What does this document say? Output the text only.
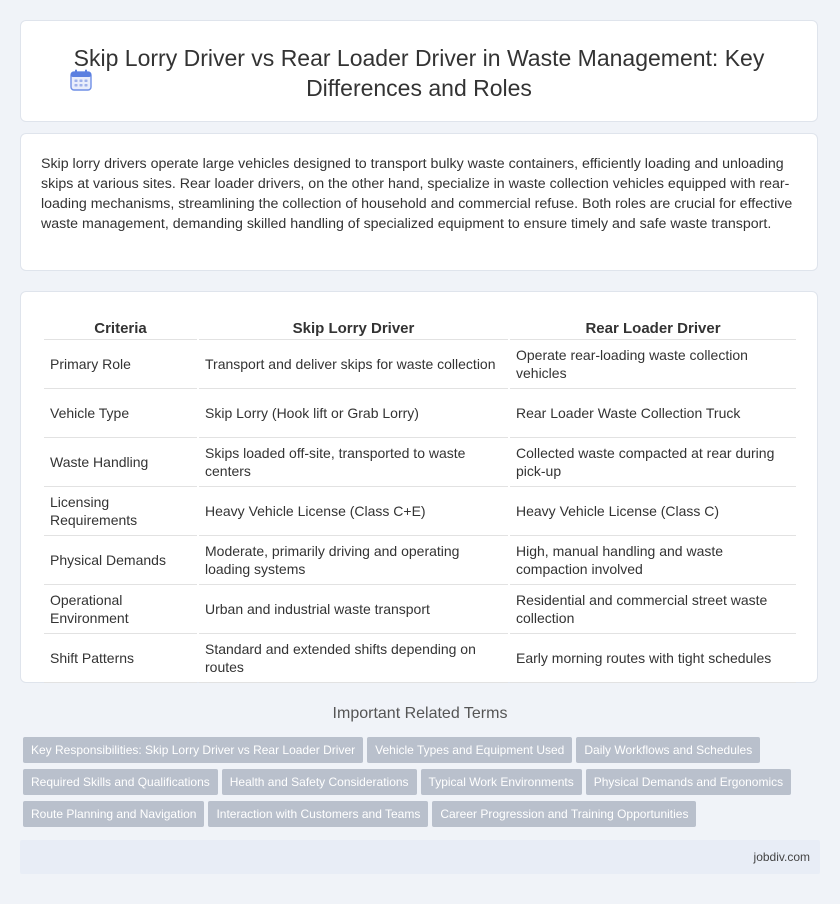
Skip Lorry Driver vs Rear Loader Driver in Waste Management: Key Differences and Roles

Skip lorry drivers operate large vehicles designed to transport bulky waste containers, efficiently loading and unloading skips at various sites. Rear loader drivers, on the other hand, specialize in waste collection vehicles equipped with rear-loading mechanisms, streamlining the collection of household and commercial refuse. Both roles are crucial for effective waste management, demanding skilled handling of specialized equipment to ensure timely and safe waste transport.

Criteria	Skip Lorry Driver	Rear Loader Driver
Primary Role	Transport and deliver skips for waste collection	Operate rear-loading waste collection vehicles
Vehicle Type	Skip Lorry (Hook lift or Grab Lorry)	Rear Loader Waste Collection Truck
Waste Handling	Skips loaded off-site, transported to waste centers	Collected waste compacted at rear during pick-up
Licensing Requirements	Heavy Vehicle License (Class C+E)	Heavy Vehicle License (Class C)
Physical Demands	Moderate, primarily driving and operating loading systems	High, manual handling and waste compaction involved
Operational Environment	Urban and industrial waste transport	Residential and commercial street waste collection
Shift Patterns	Standard and extended shifts depending on routes	Early morning routes with tight schedules
Important Related Terms
Key Responsibilities: Skip Lorry Driver vs Rear Loader Driver Vehicle Types and Equipment Used Daily Workflows and Schedules
Required Skills and Qualifications Health and Safety Considerations Typical Work Environments Physical Demands and Ergonomics
Route Planning and Navigation Interaction with Customers and Teams Career Progression and Training Opportunities
jobdiv.com
